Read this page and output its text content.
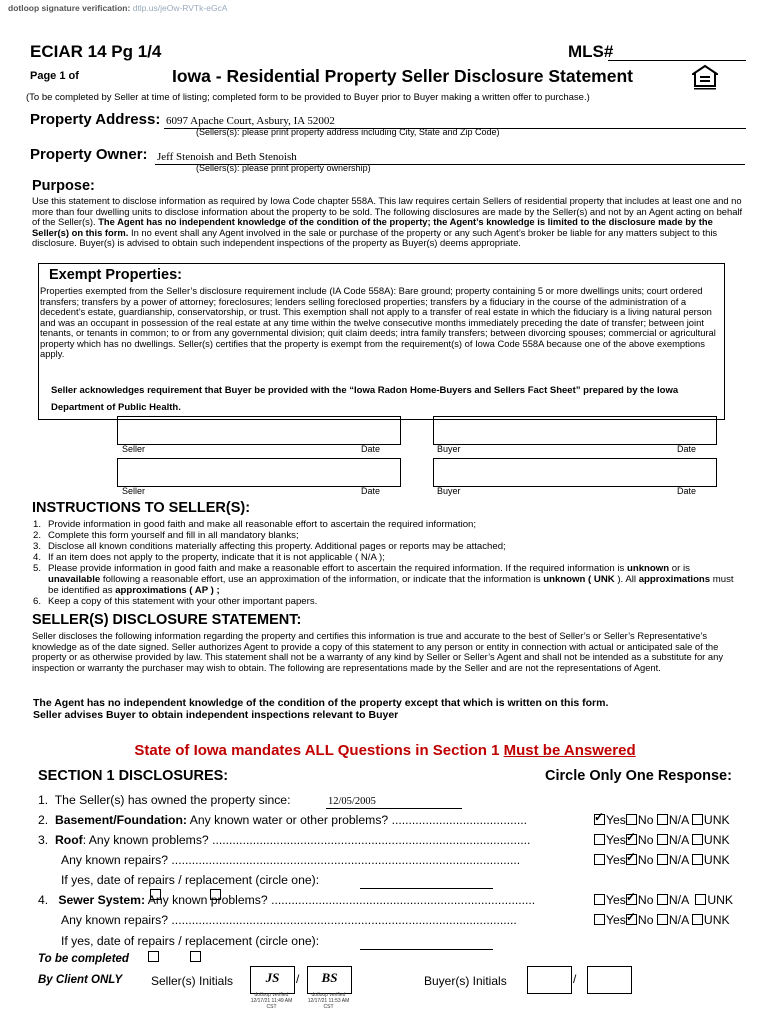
dotloop signature verification: dtlp.us/jeOw-RVTk-eGcA
ECIAR 14 Pg 1/4	MLS#
Page 1 of	Iowa - Residential Property Seller Disclosure Statement
(To be completed by Seller at time of listing; completed form to be provided to Buyer prior to Buyer making a written offer to purchase.)
Property Address: 6097 Apache Court, Asbury, IA 52002
(Sellers(s): please print property address including City, State and Zip Code)
Property Owner: Jeff Stenoish and Beth Stenoish
(Sellers(s): please print property ownership)
Purpose:
Use this statement to disclose information as required by Iowa Code chapter 558A. This law requires certain Sellers of residential property that includes at least one and no more than four dwelling units to disclose information about the property to be sold. The following disclosures are made by the Seller(s) and not by an Agent acting on behalf of the Seller(s). The Agent has no independent knowledge of the condition of the property; the Agent’s knowledge is limited to the disclosure made by the Seller(s) on this form. In no event shall any Agent involved in the sale or purchase of the property or any such Agent’s broker be liable for any matters subject to this disclosure. Buyer(s) is advised to obtain such independent inspections of the property as Buyer(s) deems appropriate.
Exempt Properties:
Properties exempted from the Seller’s disclosure requirement include (IA Code 558A): Bare ground; property containing 5 or more dwellings units; court ordered transfers; transfers by a power of attorney; foreclosures; lenders selling foreclosed properties; transfers by a fiduciary in the course of the administration of a decedent’s estate, guardianship, conservatorship, or trust. This exemption shall not apply to a transfer of real estate in which the fiduciary is a living natural person and was an occupant in possession of the real estate at any time within the twelve consecutive months immediately preceding the date of transfer; between joint tenants, or tenants in common; to or from any governmental division; quit claim deeds; intra family transfers; between divorcing spouses; commercial or agricultural property which has no dwellings. Seller(s) certifies that the property is exempt from the requirement(s) of Iowa Code 558A because one of the above exemptions apply.
Seller acknowledges requirement that Buyer be provided with the “Iowa Radon Home-Buyers and Sellers Fact Sheet” prepared by the Iowa Department of Public Health.
Seller	Date	Buyer	Date
Seller	Date	Buyer	Date
INSTRUCTIONS TO SELLER(S):
1. Provide information in good faith and make all reasonable effort to ascertain the required information;
2. Complete this form yourself and fill in all mandatory blanks;
3. Disclose all known conditions materially affecting this property. Additional pages or reports may be attached;
4. If an item does not apply to the property, indicate that it is not applicable ( N/A );
5. Please provide information in good faith and make a reasonable effort to ascertain the required information. If the required information is unknown or is unavailable following a reasonable effort, use an approximation of the information, or indicate that the information is unknown ( UNK ). All approximations must be identified as approximations ( AP ) ;
6. Keep a copy of this statement with your other important papers.
SELLER(S) DISCLOSURE STATEMENT:
Seller discloses the following information regarding the property and certifies this information is true and accurate to the best of Seller’s or Seller’s Representative’s knowledge as of the date signed. Seller authorizes Agent to provide a copy of this statement to any person or entity in connection with actual or anticipated sale of the property or as otherwise provided by law. This statement shall not be a warranty of any kind by Seller or Seller’s Agent and shall not be intended as a substitute for any inspection or warranty the purchaser may wish to obtain. The following are representations made by the Seller and are not the representations of Agent.
The Agent has no independent knowledge of the condition of the property except that which is written on this form.
Seller advises Buyer to obtain independent inspections relevant to Buyer
State of Iowa mandates ALL Questions in Section 1 Must be Answered
SECTION 1 DISCLOSURES:	Circle Only One Response:
1. The Seller(s) has owned the property since:	12/05/2005
2. Basement/Foundation: Any known water or other problems? ........................................ ✓	Yes No N/A UNK
3. Roof: Any known problems? ..............................................................................................	Yes ✓ No N/A UNK
Any known repairs? .......................................................................................................	Yes ✓ No N/A UNK
If yes, date of repairs / replacement (circle one):
4. Sewer System: Any known problems? ..............................................................................	Yes ✓ No N/A UNK
Any known repairs? ......................................................................................................	Yes ✓ No N/A UNK
If yes, date of repairs / replacement (circle one):
To be completed
By Client ONLY Seller(s) Initials	JS
dotloop verified 12/17/21 11:49 AM CST
/	BS
dotloop verified 12/17/21 11:53 AM CST
Buyer(s) Initials	/
